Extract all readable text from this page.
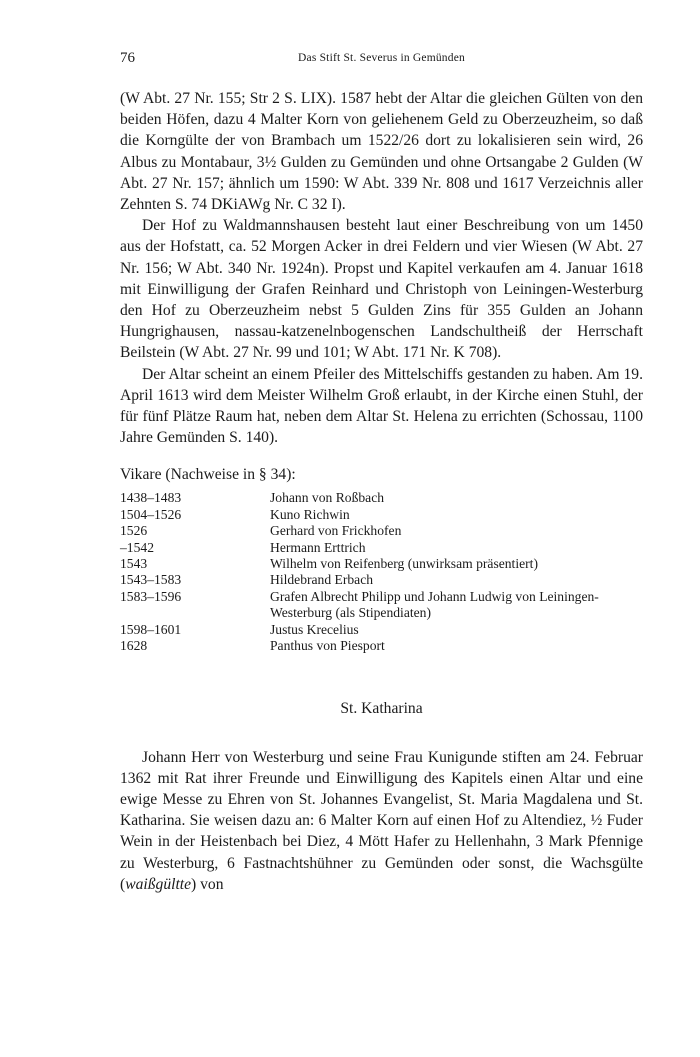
76	Das Stift St. Severus in Gemünden

(W Abt. 27 Nr. 155; Str 2 S. LIX). 1587 hebt der Altar die gleichen Gülten von den beiden Höfen, dazu 4 Malter Korn von geliehenem Geld zu Oberzeuzheim, so daß die Korngülte der von Brambach um 1522/26 dort zu lokalisieren sein wird, 26 Albus zu Montabaur, 3½ Gulden zu Gemünden und ohne Ortsangabe 2 Gulden (W Abt. 27 Nr. 157; ähnlich um 1590: W Abt. 339 Nr. 808 und 1617 Verzeichnis aller Zehnten S. 74 DKiAWg Nr. C 32 I).

Der Hof zu Waldmannshausen besteht laut einer Beschreibung von um 1450 aus der Hofstatt, ca. 52 Morgen Acker in drei Feldern und vier Wiesen (W Abt. 27 Nr. 156; W Abt. 340 Nr. 1924n). Propst und Kapitel verkaufen am 4. Januar 1618 mit Einwilligung der Grafen Reinhard und Christoph von Leiningen-Westerburg den Hof zu Oberzeuzheim nebst 5 Gulden Zins für 355 Gulden an Johann Hungrighausen, nassau-katzenelnbogenschen Landschultheiß der Herrschaft Beilstein (W Abt. 27 Nr. 99 und 101; W Abt. 171 Nr. K 708).

Der Altar scheint an einem Pfeiler des Mittelschiffs gestanden zu haben. Am 19. April 1613 wird dem Meister Wilhelm Groß erlaubt, in der Kirche einen Stuhl, der für fünf Plätze Raum hat, neben dem Altar St. Helena zu errichten (Schossau, 1100 Jahre Gemünden S. 140).

Vikare (Nachweise in § 34):
1438–1483	Johann von Roßbach
1504–1526	Kuno Richwin
1526	Gerhard von Frickhofen
–1542	Hermann Erttrich
1543	Wilhelm von Reifenberg (unwirksam präsentiert)
1543–1583	Hildebrand Erbach
1583–1596	Grafen Albrecht Philipp und Johann Ludwig von Leiningen-Westerburg (als Stipendiaten)
1598–1601	Justus Krecelius
1628	Panthus von Piesport
St. Katharina

Johann Herr von Westerburg und seine Frau Kunigunde stiften am 24. Februar 1362 mit Rat ihrer Freunde und Einwilligung des Kapitels einen Altar und eine ewige Messe zu Ehren von St. Johannes Evangelist, St. Maria Magdalena und St. Katharina. Sie weisen dazu an: 6 Malter Korn auf einen Hof zu Altendiez, ½ Fuder Wein in der Heistenbach bei Diez, 4 Mött Hafer zu Hellenhahn, 3 Mark Pfennige zu Westerburg, 6 Fastnachtshühner zu Gemünden oder sonst, die Wachsgülte (waißgültte) von
